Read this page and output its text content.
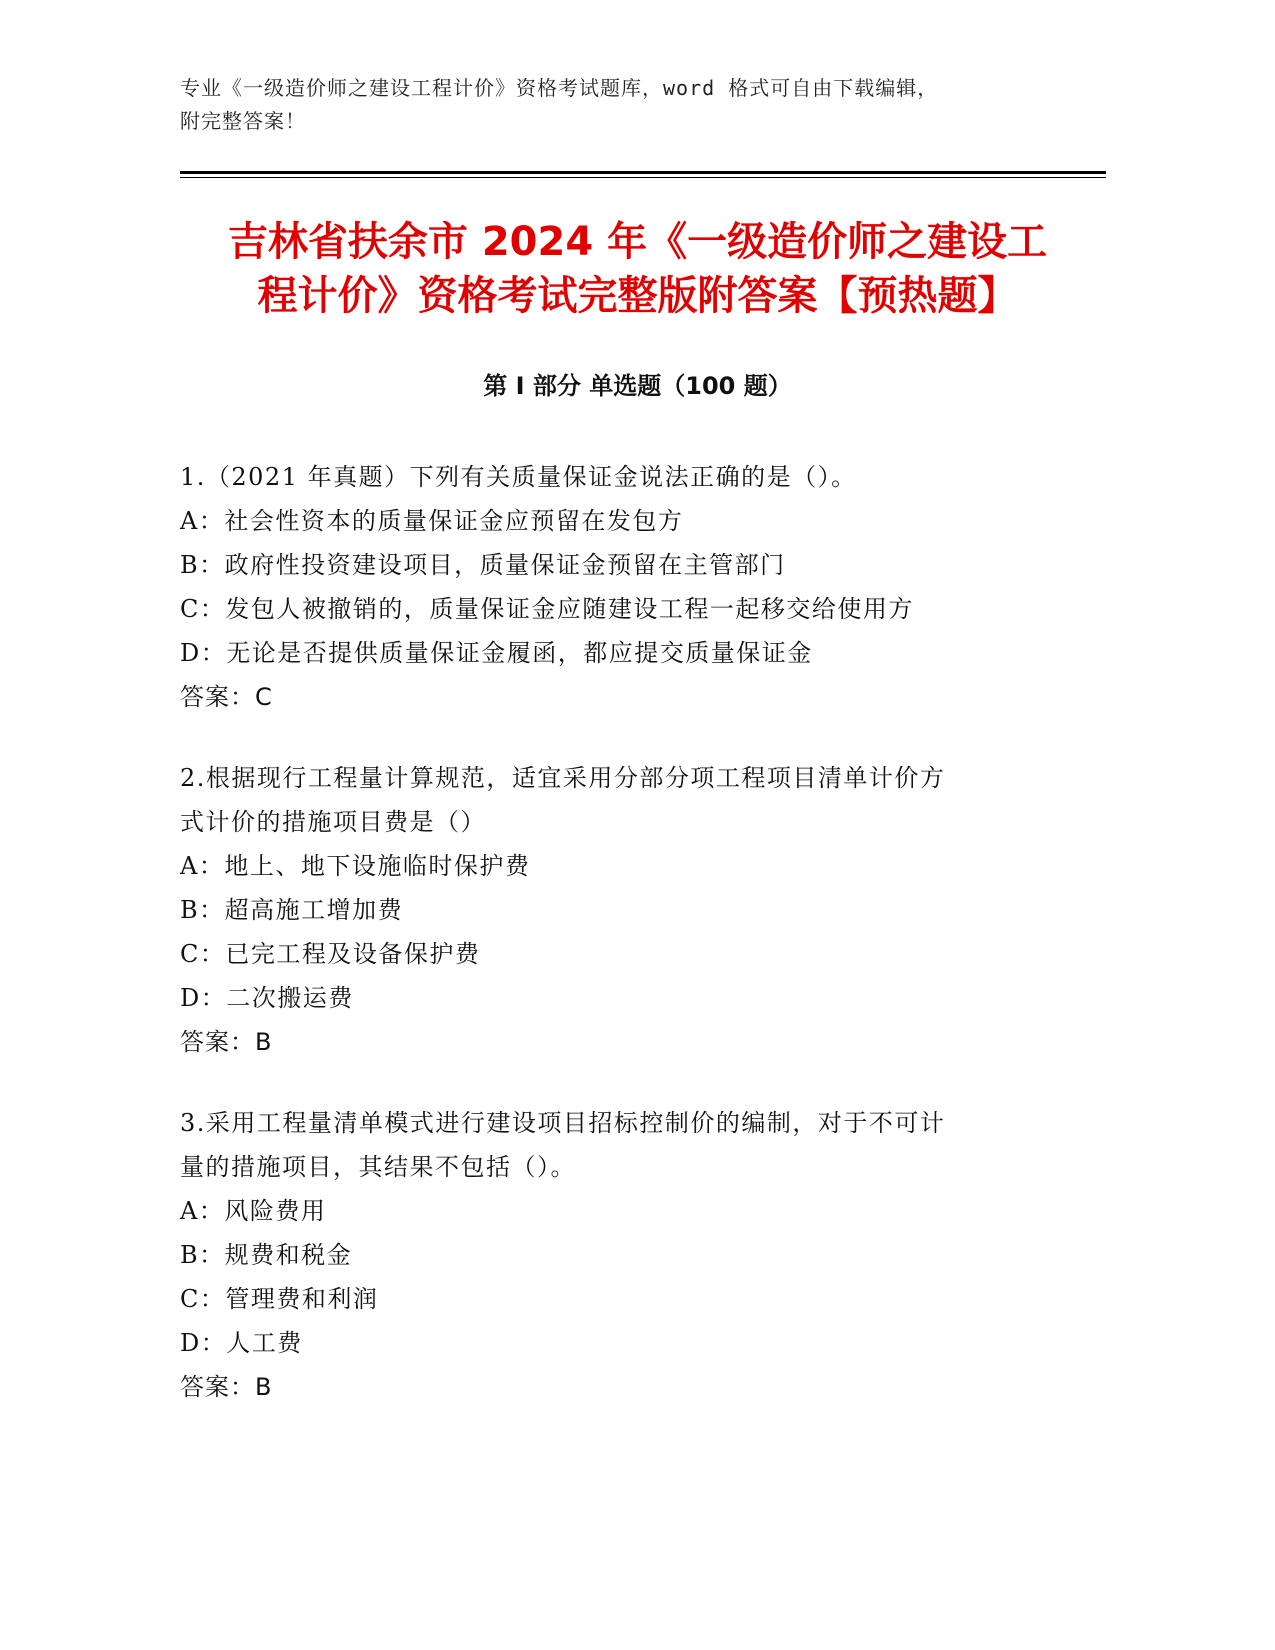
专业《一级造价师之建设工程计价》资格考试题库，word 格式可自由下载编辑，
附完整答案！
吉林省扶余市 2024 年《一级造价师之建设工
程计价》资格考试完整版附答案【预热题】
第 I 部分 单选题（100 题）
1.（2021 年真题）下列有关质量保证金说法正确的是（）。
A：社会性资本的质量保证金应预留在发包方
B：政府性投资建设项目，质量保证金预留在主管部门
C：发包人被撤销的，质量保证金应随建设工程一起移交给使用方
D：无论是否提供质量保证金履函，都应提交质量保证金
答案：C
2.根据现行工程量计算规范，适宜采用分部分项工程项目清单计价方
式计价的措施项目费是（）
A：地上、地下设施临时保护费
B：超高施工增加费
C：已完工程及设备保护费
D：二次搬运费
答案：B
3.采用工程量清单模式进行建设项目招标控制价的编制，对于不可计
量的措施项目，其结果不包括（）。
A：风险费用
B：规费和税金
C：管理费和利润
D：人工费
答案：B
